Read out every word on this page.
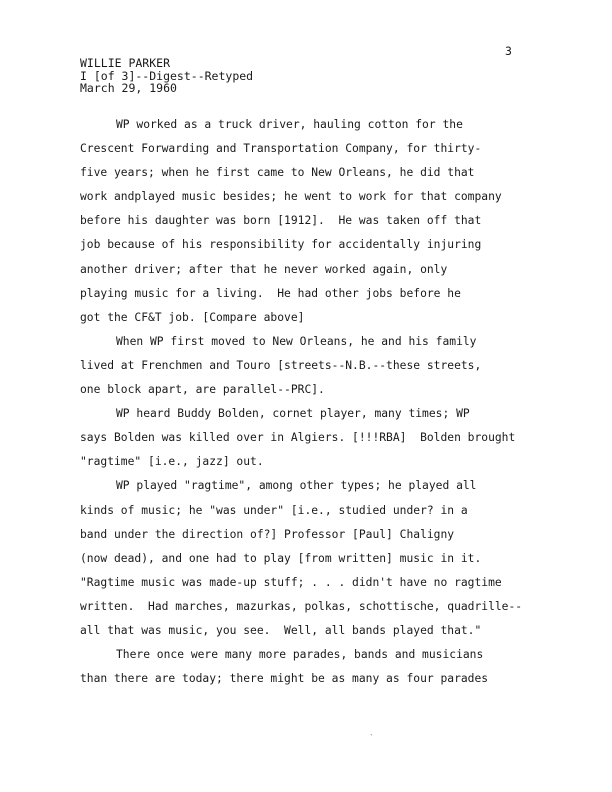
3
WILLIE PARKER
I [of 3]--Digest--Retyped
March 29, 1960
WP worked as a truck driver, hauling cotton for the
Crescent Forwarding and Transportation Company, for thirty-
five years; when he first came to New Orleans, he did that
work andplayed music besides; he went to work for that company
before his daughter was born [1912].  He was taken off that
job because of his responsibility for accidentally injuring
another driver; after that he never worked again, only
playing music for a living.  He had other jobs before he
got the CF&T job. [Compare above]
When WP first moved to New Orleans, he and his family
lived at Frenchmen and Touro [streets--N.B.--these streets,
one block apart, are parallel--PRC].
WP heard Buddy Bolden, cornet player, many times; WP
says Bolden was killed over in Algiers. [!!!RBA]  Bolden brought
"ragtime" [i.e., jazz] out.
WP played "ragtime", among other types; he played all
kinds of music; he "was under" [i.e., studied under? in a
band under the direction of?] Professor [Paul] Chaligny
(now dead), and one had to play [from written] music in it.
"Ragtime music was made-up stuff; . . . didn't have no ragtime
written.  Had marches, mazurkas, polkas, schottische, quadrille--
all that was music, you see.  Well, all bands played that."
There once were many more parades, bands and musicians
than there are today; there might be as many as four parades
ˎ
